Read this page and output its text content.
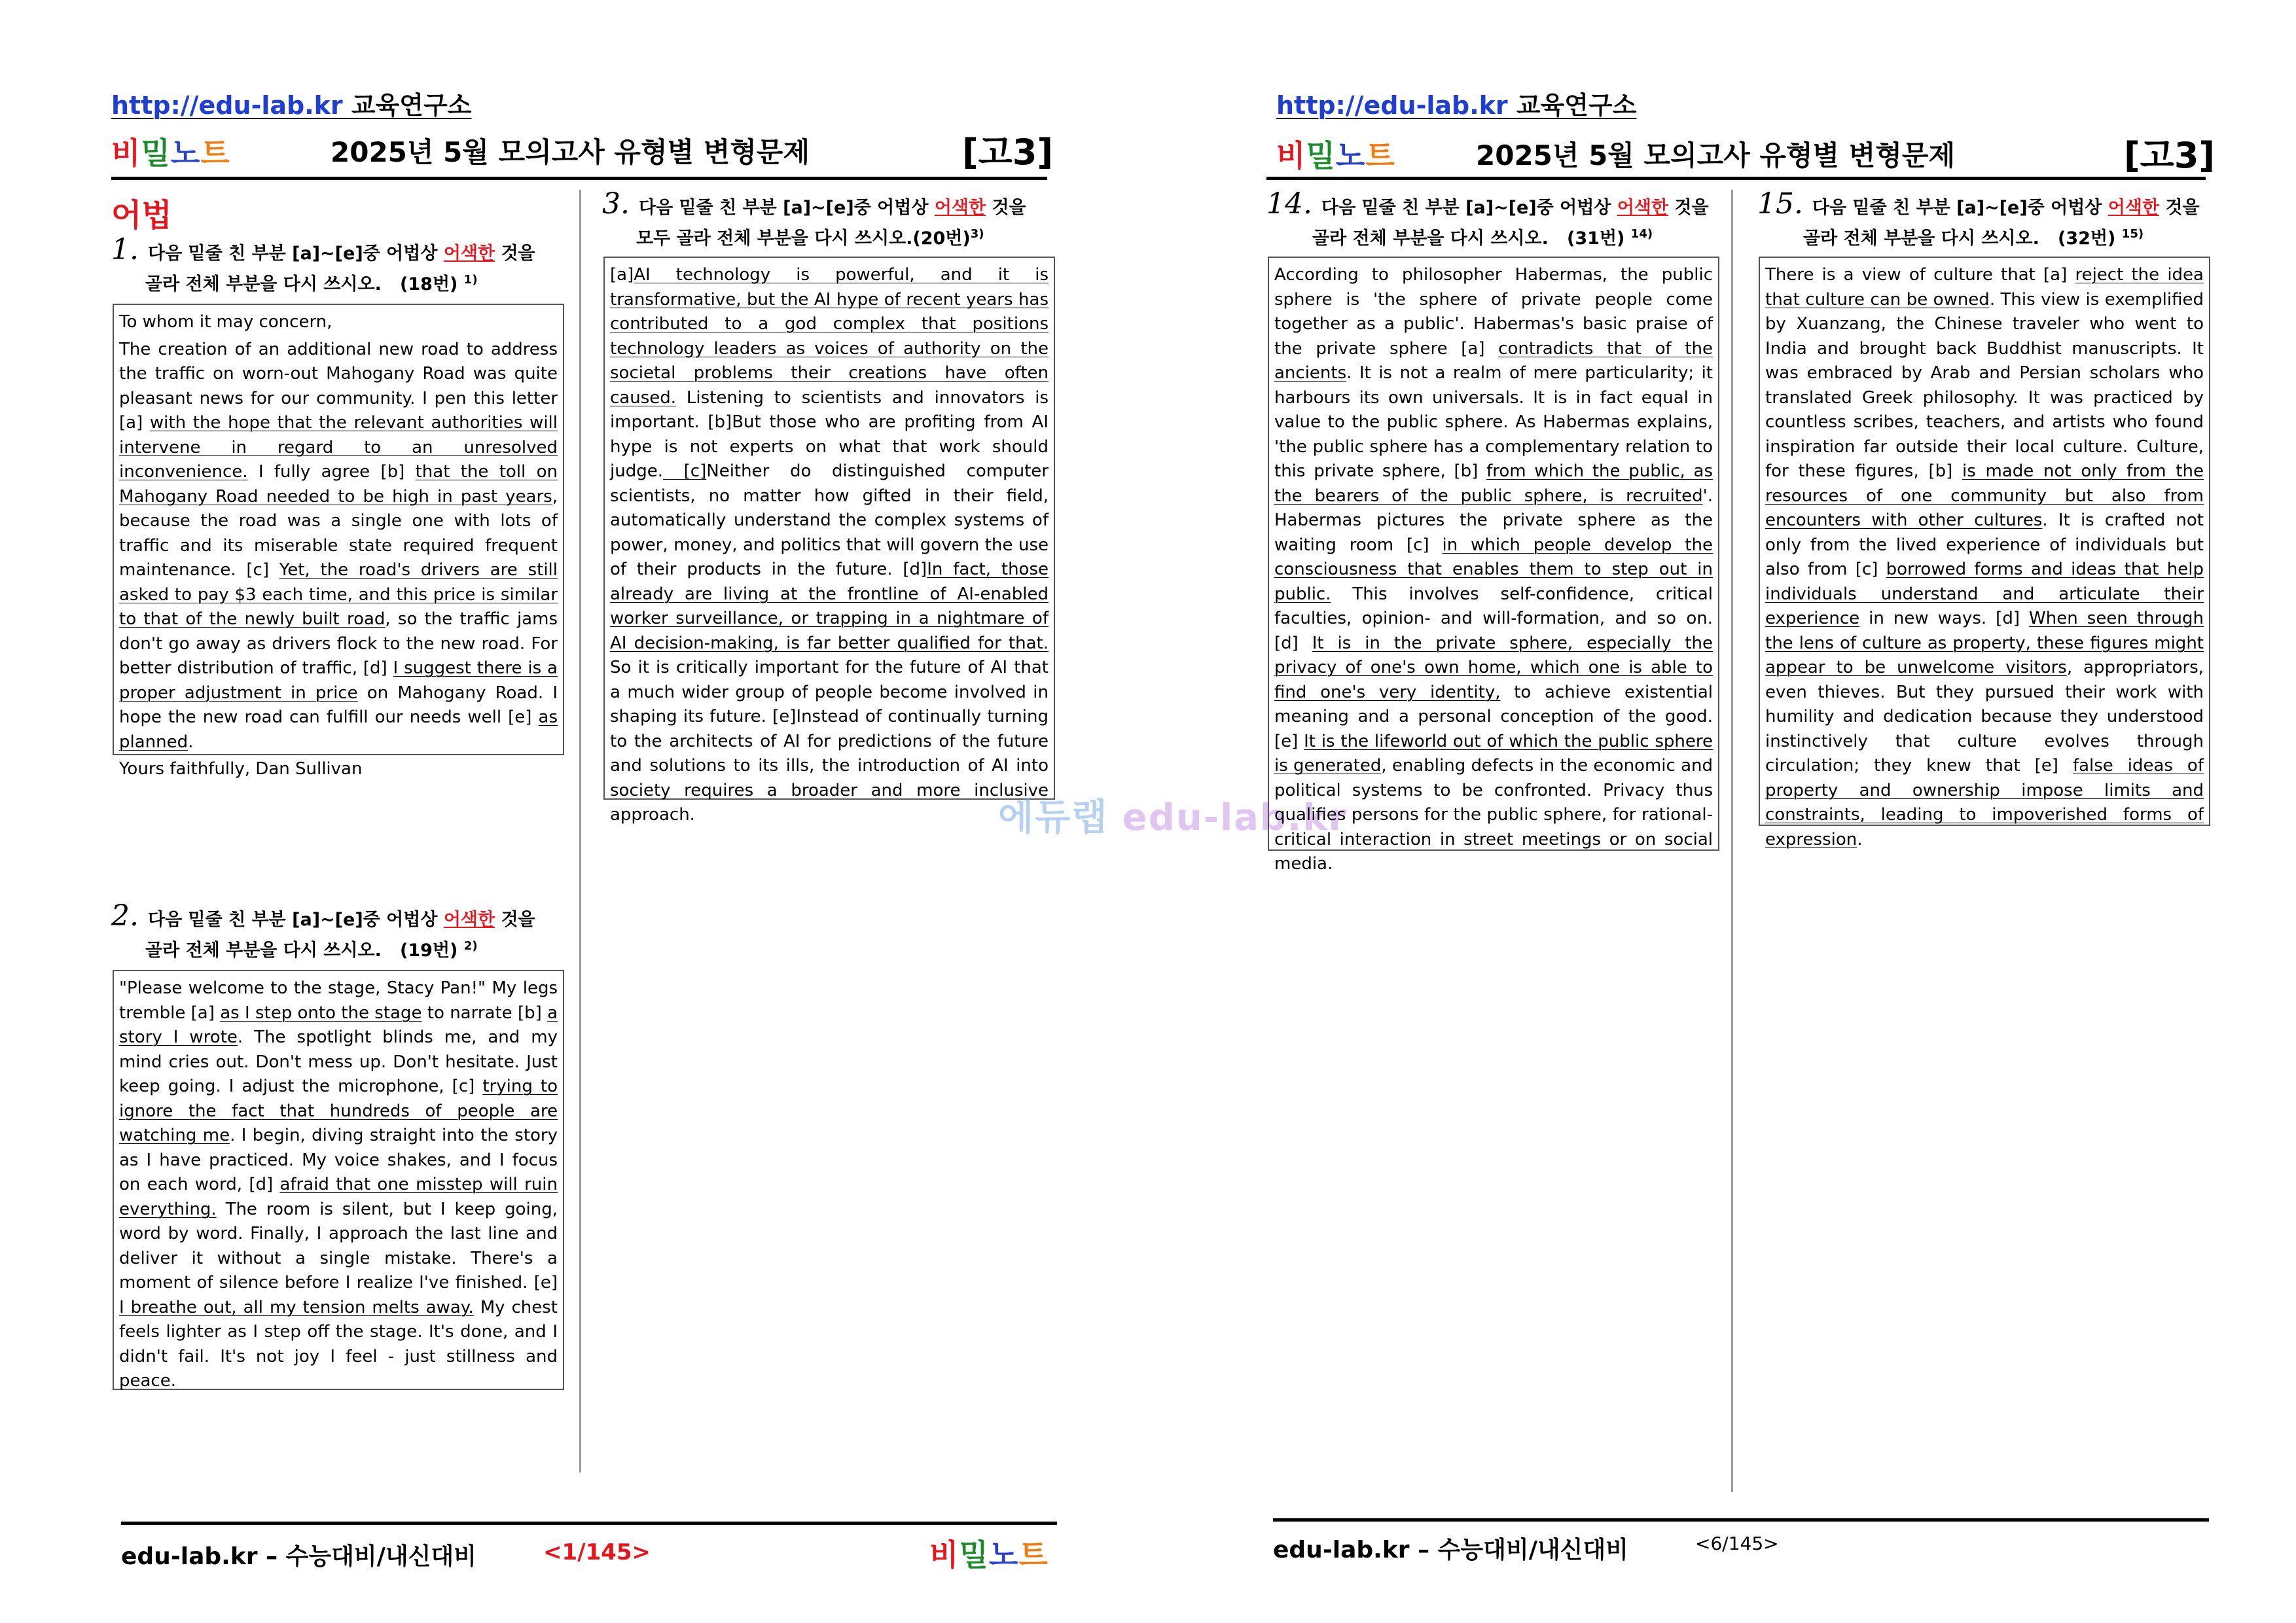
http://edu-lab.kr 교육연구소
비밀노트	2025년 5월 모의고사 유형별 변형문제	[고3]
어법
1. 다음 밑줄 친 부분 [a]~[e]중 어법상 어색한 것을
골라 전체 부분을 다시 쓰시오. (18번) $^{1)}$

To whom it may concern,

The creation of an additional new road to address the traffic on worn-out Mahogany Road was quite pleasant news for our community. I pen this letter [a] with the hope that the relevant authorities will intervene in regard to an unresolved inconvenience. I fully agree [b] that the toll on Mahogany Road needed to be high in past years, because the road was a single one with lots of traffic and its miserable state required frequent maintenance. [c] Yet, the road's drivers are still asked to pay $3 each time, and this price is similar to that of the newly built road, so the traffic jams don't go away as drivers flock to the new road. For better distribution of traffic, [d] I suggest there is a proper adjustment in price on Mahogany Road. I hope the new road can fulfill our needs well [e] as planned.

Yours faithfully, Dan Sullivan

2. 다음 밑줄 친 부분 [a]~[e]중 어법상 어색한 것을
골라 전체 부분을 다시 쓰시오. (19번) $^{2)}$

"Please welcome to the stage, Stacy Pan!" My legs tremble [a] as I step onto the stage to narrate [b] a story I wrote. The spotlight blinds me, and my mind cries out. Don't mess up. Don't hesitate. Just keep going. I adjust the microphone, [c] trying to ignore the fact that hundreds of people are watching me. I begin, diving straight into the story as I have practiced. My voice shakes, and I focus on each word, [d] afraid that one misstep will ruin everything. The room is silent, but I keep going, word by word. Finally, I approach the last line and deliver it without a single mistake. There's a moment of silence before I realize I've finished. [e] I breathe out, all my tension melts away. My chest feels lighter as I step off the stage. It's done, and I didn't fail. It's not joy I feel - just stillness and peace.

3. 다음 밑줄 친 부분 [a]~[e]중 어법상 어색한 것을
모두 골라 전체 부분을 다시 쓰시오.(20번)$^{3)}$

[a]AI technology is powerful, and it is transformative, but the AI hype of recent years has contributed to a god complex that positions technology leaders as voices of authority on the societal problems their creations have often caused. Listening to scientists and innovators is important. [b]But those who are profiting from AI hype is not experts on what that work should judge. [c]Neither do distinguished computer scientists, no matter how gifted in their field, automatically understand the complex systems of power, money, and politics that will govern the use of their products in the future. [d]In fact, those already are living at the frontline of AI-enabled worker surveillance, or trapping in a nightmare of AI decision-making, is far better qualified for that. So it is critically important for the future of AI that a much wider group of people become involved in shaping its future. [e]Instead of continually turning to the architects of AI for predictions of the future and solutions to its ills, the introduction of AI into society requires a broader and more inclusive approach.

edu-lab.kr – 수능대비/내신대비	<1/145>	비밀노트
에듀랩 edu-lab.kr
http://edu-lab.kr 교육연구소
비밀노트	2025년 5월 모의고사 유형별 변형문제	[고3]
14. 다음 밑줄 친 부분 [a]~[e]중 어법상 어색한 것을
골라 전체 부분을 다시 쓰시오. (31번) $^{14)}$

According to philosopher Habermas, the public sphere is 'the sphere of private people come together as a public'. Habermas's basic praise of the private sphere [a] contradicts that of the ancients. It is not a realm of mere particularity; it harbours its own universals. It is in fact equal in value to the public sphere. As Habermas explains, 'the public sphere has a complementary relation to this private sphere, [b] from which the public, as the bearers of the public sphere, is recruited'. Habermas pictures the private sphere as the waiting room [c] in which people develop the consciousness that enables them to step out in public. This involves self-confidence, critical faculties, opinion- and will-formation, and so on. [d] It is in the private sphere, especially the privacy of one's own home, which one is able to find one's very identity, to achieve existential meaning and a personal conception of the good. [e] It is the lifeworld out of which the public sphere is generated, enabling defects in the economic and political systems to be confronted. Privacy thus qualifies persons for the public sphere, for rational-critical interaction in street meetings or on social media.

15. 다음 밑줄 친 부분 [a]~[e]중 어법상 어색한 것을
골라 전체 부분을 다시 쓰시오. (32번) $^{15)}$

There is a view of culture that [a] reject the idea that culture can be owned. This view is exemplified by Xuanzang, the Chinese traveler who went to India and brought back Buddhist manuscripts. It was embraced by Arab and Persian scholars who translated Greek philosophy. It was practiced by countless scribes, teachers, and artists who found inspiration far outside their local culture. Culture, for these figures, [b] is made not only from the resources of one community but also from encounters with other cultures. It is crafted not only from the lived experience of individuals but also from [c] borrowed forms and ideas that help individuals understand and articulate their experience in new ways. [d] When seen through the lens of culture as property, these figures might appear to be unwelcome visitors, appropriators, even thieves. But they pursued their work with humility and dedication because they understood instinctively that culture evolves through circulation; they knew that [e] false ideas of property and ownership impose limits and constraints, leading to impoverished forms of expression.

edu-lab.kr – 수능대비/내신대비	<6/145>
